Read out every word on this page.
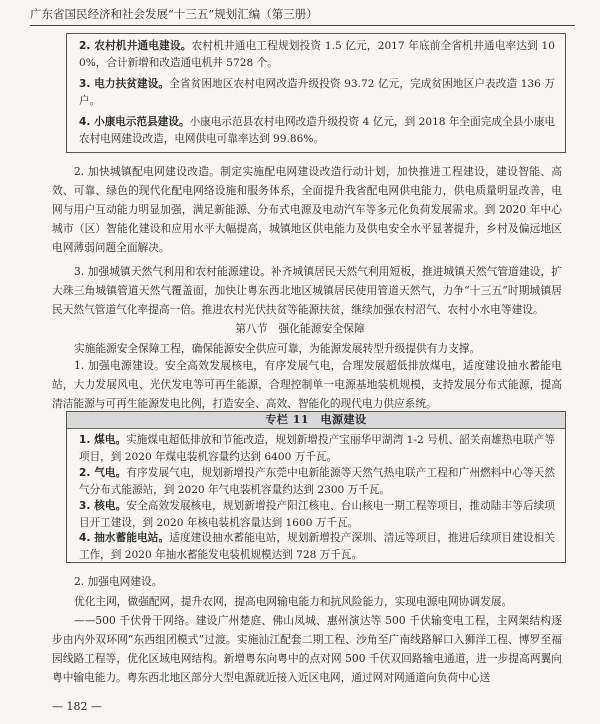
广东省国民经济和社会发展“十三五”规划汇编（第三册）
2. 农村机井通电建设。农村机井通电工程规划投资 1.5 亿元，2017 年底前全省机井通电率达到 100%，合计新增和改造通电机井 5728 个。
3. 电力扶贫建设。全省贫困地区农村电网改造升级投资 93.72 亿元，完成贫困地区户表改造 136 万户。
4. 小康电示范县建设。小康电示范县农村电网改造升级投资 4 亿元，到 2018 年全面完成全县小康电农村电网建设改造，电网供电可靠率达到 99.86%。
2. 加快城镇配电网建设改造。制定实施配电网建设改造行动计划，加快推进工程建设，建设智能、高效、可靠、绿色的现代化配电网络设施和服务体系，全面提升我省配电网供电能力，供电质量明显改善，电网与用户互动能力明显加强，满足新能源、分布式电源及电动汽车等多元化负荷发展需求。到 2020 年中心城市（区）智能化建设和应用水平大幅提高，城镇地区供电能力及供电安全水平显著提升，乡村及偏远地区电网薄弱问题全面解决。
3. 加强城镇天然气利用和农村能源建设。补齐城镇居民天然气利用短板，推进城镇天然气管道建设，扩大珠三角城镇管道天然气覆盖面，加快让粤东西北地区城镇居民使用管道天然气，力争“十三五”时期城镇居民天然气管道气化率提高一倍。推进农村光伏扶贫等能源扶贫，继续加强农村沼气、农村小水电等建设。
第八节　强化能源安全保障
实施能源安全保障工程，确保能源安全供应可靠，为能源发展转型升级提供有力支撑。
1. 加强电源建设。安全高效发展核电，有序发展气电，合理发展超低排放煤电，适度建设抽水蓄能电站，大力发展风电、光伏发电等可再生能源，合理控制单一电源基地装机规模，支持发展分布式能源，提高清洁能源与可再生能源发电比例，打造安全、高效、智能化的现代电力供应系统。
专栏 11　电源建设
1. 煤电。实施煤电超低排放和节能改造，规划新增投产宝丽华甲湖湾 1-2 号机、韶关南雄热电联产等项目，到 2020 年煤电装机容量约达到 6400 万千瓦。
2. 气电。有序发展气电，规划新增投产东莞中电新能源等天然气热电联产工程和广州燃料中心等天然气分布式能源站，到 2020 年气电装机容量约达到 2300 万千瓦。
3. 核电。安全高效发展核电，规划新增投产阳江核电、台山核电一期工程等项目，推动陆丰等后续项目开工建设，到 2020 年核电装机容量达到 1600 万千瓦。
4. 抽水蓄能电站。适度建设抽水蓄能电站，规划新增投产深圳、清远等项目，推进后续项目建设相关工作，到 2020 年抽水蓄能发电装机规模达到 728 万千瓦。
2. 加强电网建设。
优化主网，做强配网，提升农网，提高电网输电能力和抗风险能力，实现电源电网协调发展。
——500 千伏骨干网络。建设广州楚庭、佛山凤城、惠州演达等 500 千伏输变电工程，主网架结构逐步由内外双环网“东西组团模式”过渡。实施汕江配套二期工程、沙角至广南线路解口入狮洋工程、博罗至福园线路工程等，优化区域电网结构。新增粤东向粤中的点对网 500 千伏双回路输电通道，进一步提高两翼向粤中输电能力。粤东西北地区部分大型电源就近接入近区电网，通过网对网通道向负荷中心送
— 182 —
